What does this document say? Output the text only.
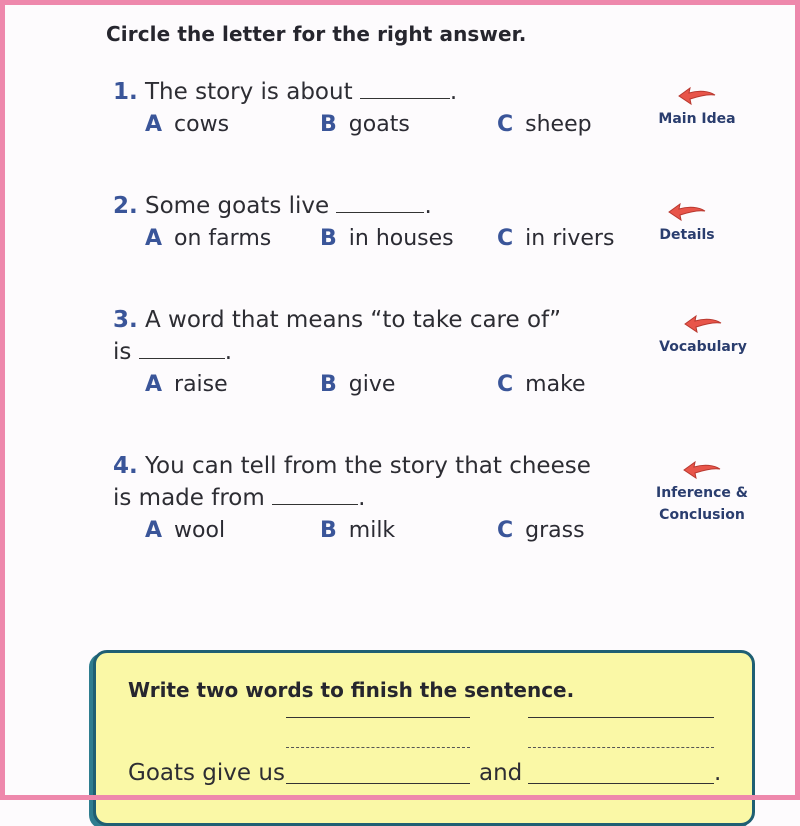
Circle the letter for the right answer.
1. The story is about	.
A cows	B goats	C sheep	Main Idea
2. Some goats live	.
A on farms B in houses C in rivers	Details
3. A word that means “to take care of”
is	.
A raise	B give	C make
Vocabulary
4. You can tell from the story that cheese
is made from	.
A wool	B milk	C grass
Inference &
Conclusion
Write two words to finish the sentence.
Goats give us	and	.
